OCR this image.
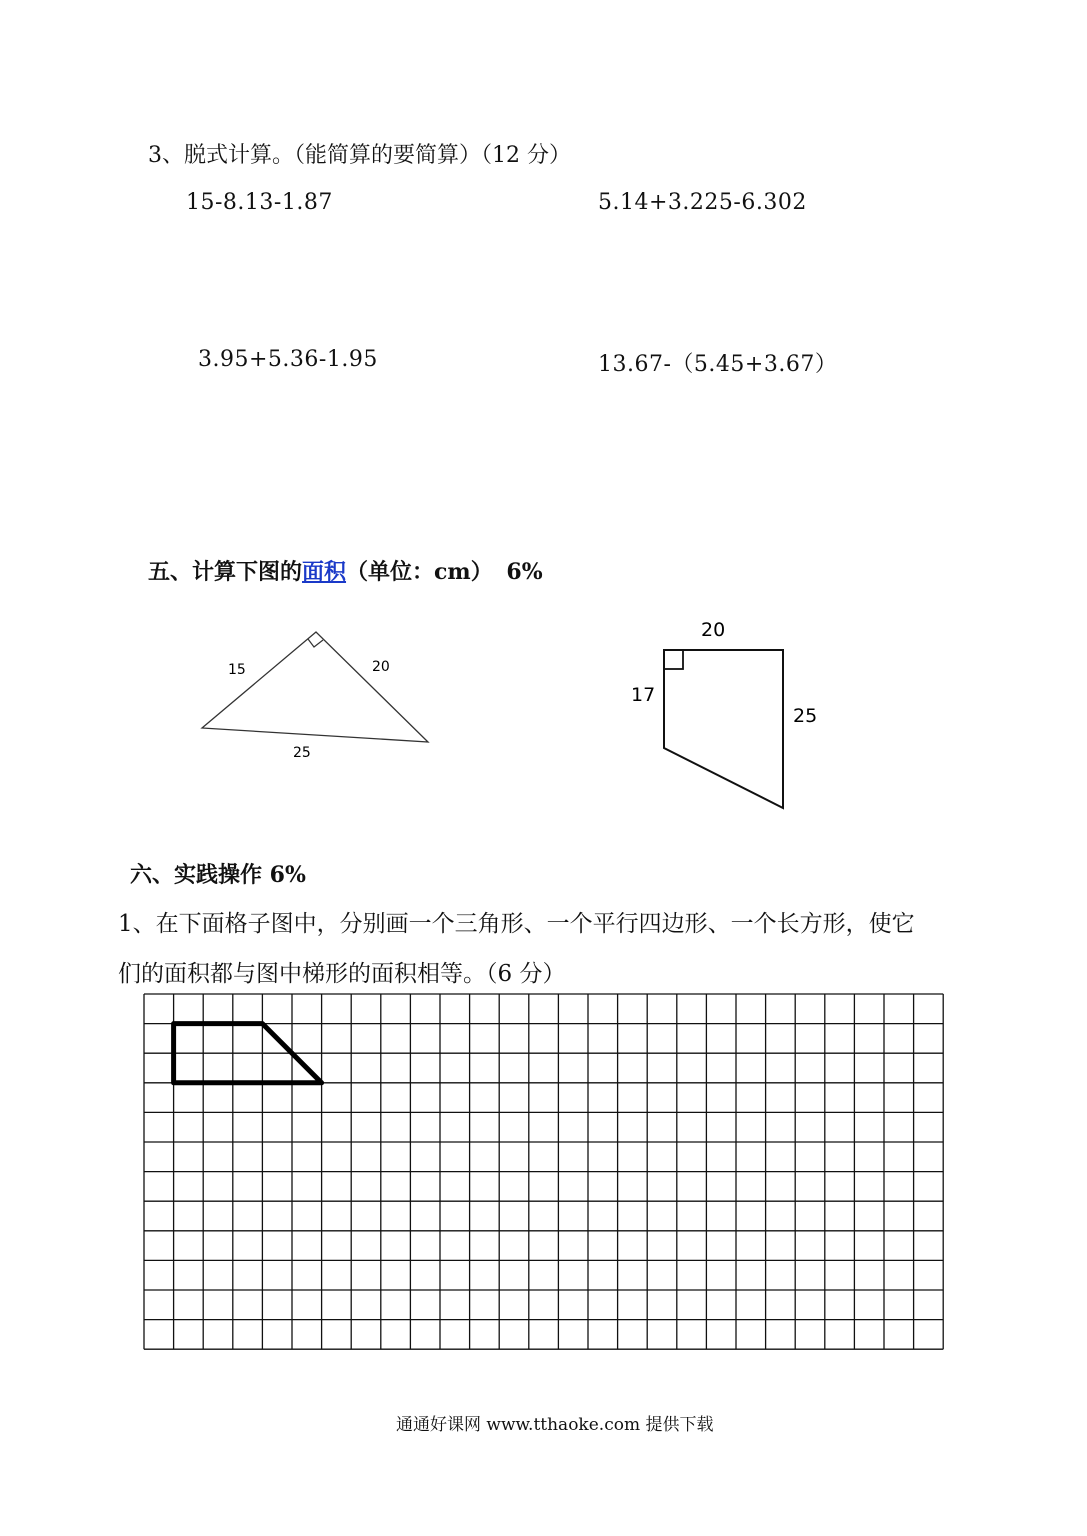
3、脱式计算。（能简算的要简算）（12 分）
15-8.13-1.87	5.14+3.225-6.302
3.95+5.36-1.95	13.67-（5.45+3.67）
五、计算下图的面积（单位：cm） 6%
15	20
25
20
17
25
六、实践操作 6%
1、在下面格子图中，分别画一个三角形、一个平行四边形、一个长方形，使它
们的面积都与图中梯形的面积相等。（6 分）
通通好课网 www.tthaoke.com 提供下载
